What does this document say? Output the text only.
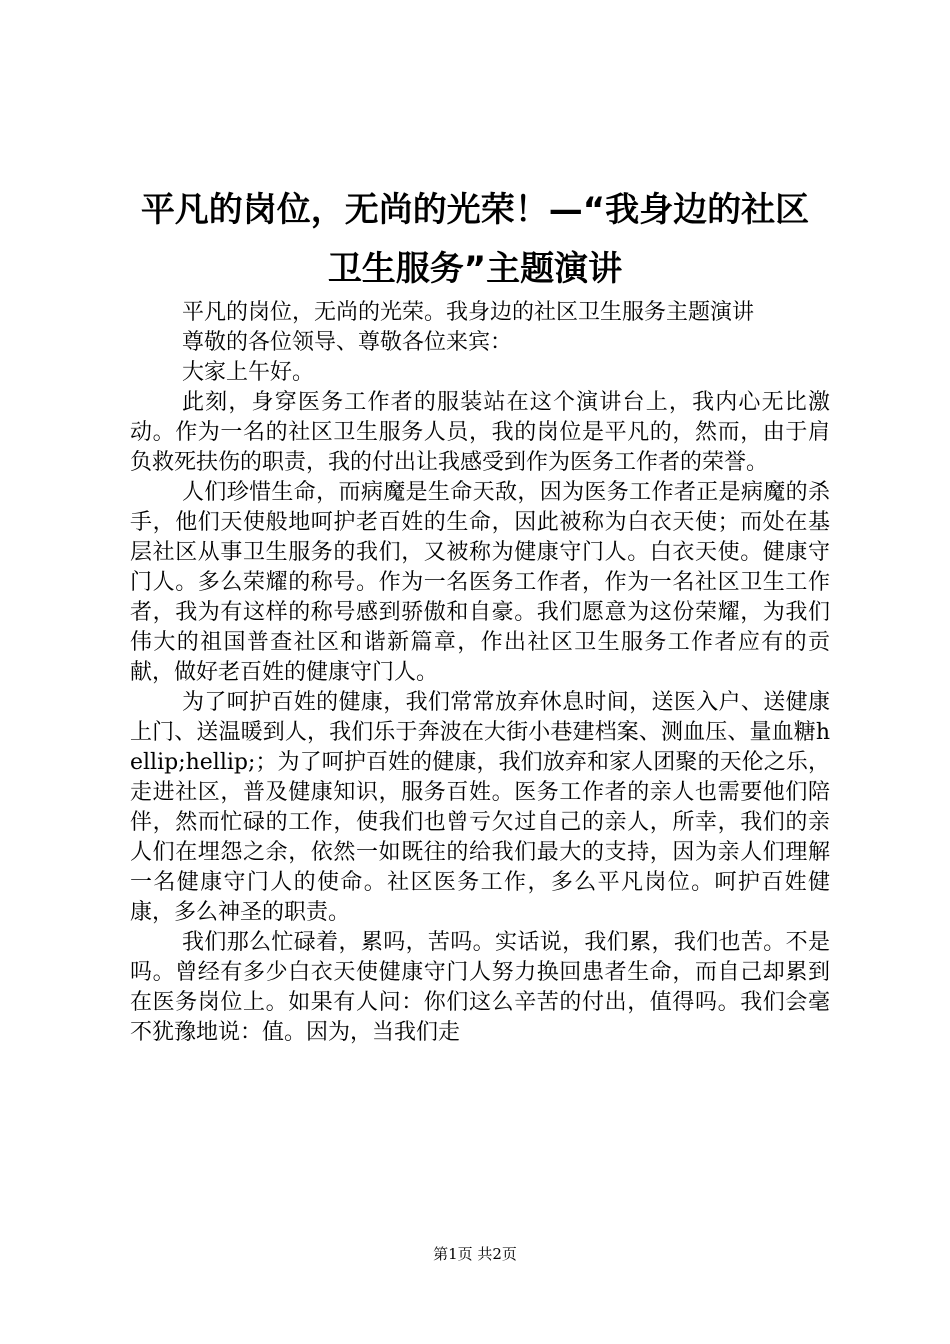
平凡的岗位，无尚的光荣！—“我身边的社区
卫生服务”主题演讲

平凡的岗位，无尚的光荣。我身边的社区卫生服务主题演讲

尊敬的各位领导、尊敬各位来宾：

大家上午好。

此刻，身穿医务工作者的服装站在这个演讲台上，我内心无比激动。作为一名的社区卫生服务人员，我的岗位是平凡的，然而，由于肩负救死扶伤的职责，我的付出让我感受到作为医务工作者的荣誉。

人们珍惜生命，而病魔是生命天敌，因为医务工作者正是病魔的杀手，他们天使般地呵护老百姓的生命，因此被称为白衣天使；而处在基层社区从事卫生服务的我们，又被称为健康守门人。白衣天使。健康守门人。多么荣耀的称号。作为一名医务工作者，作为一名社区卫生工作者，我为有这样的称号感到骄傲和自豪。我们愿意为这份荣耀，为我们伟大的祖国普查社区和谐新篇章，作出社区卫生服务工作者应有的贡献，做好老百姓的健康守门人。

为了呵护百姓的健康，我们常常放弃休息时间，送医入户、送健康上门、送温暖到人，我们乐于奔波在大街小巷建档案、测血压、量血糖hellip;hellip;；为了呵护百姓的健康，我们放弃和家人团聚的天伦之乐，走进社区，普及健康知识，服务百姓。医务工作者的亲人也需要他们陪伴，然而忙碌的工作，使我们也曾亏欠过自己的亲人，所幸，我们的亲人们在埋怨之余，依然一如既往的给我们最大的支持，因为亲人们理解一名健康守门人的使命。社区医务工作，多么平凡岗位。呵护百姓健康，多么神圣的职责。

我们那么忙碌着，累吗，苦吗。实话说，我们累，我们也苦。不是吗。曾经有多少白衣天使健康守门人努力换回患者生命，而自己却累到在医务岗位上。如果有人问：你们这么辛苦的付出，值得吗。我们会毫不犹豫地说：值。因为，当我们走

第1页 共2页
